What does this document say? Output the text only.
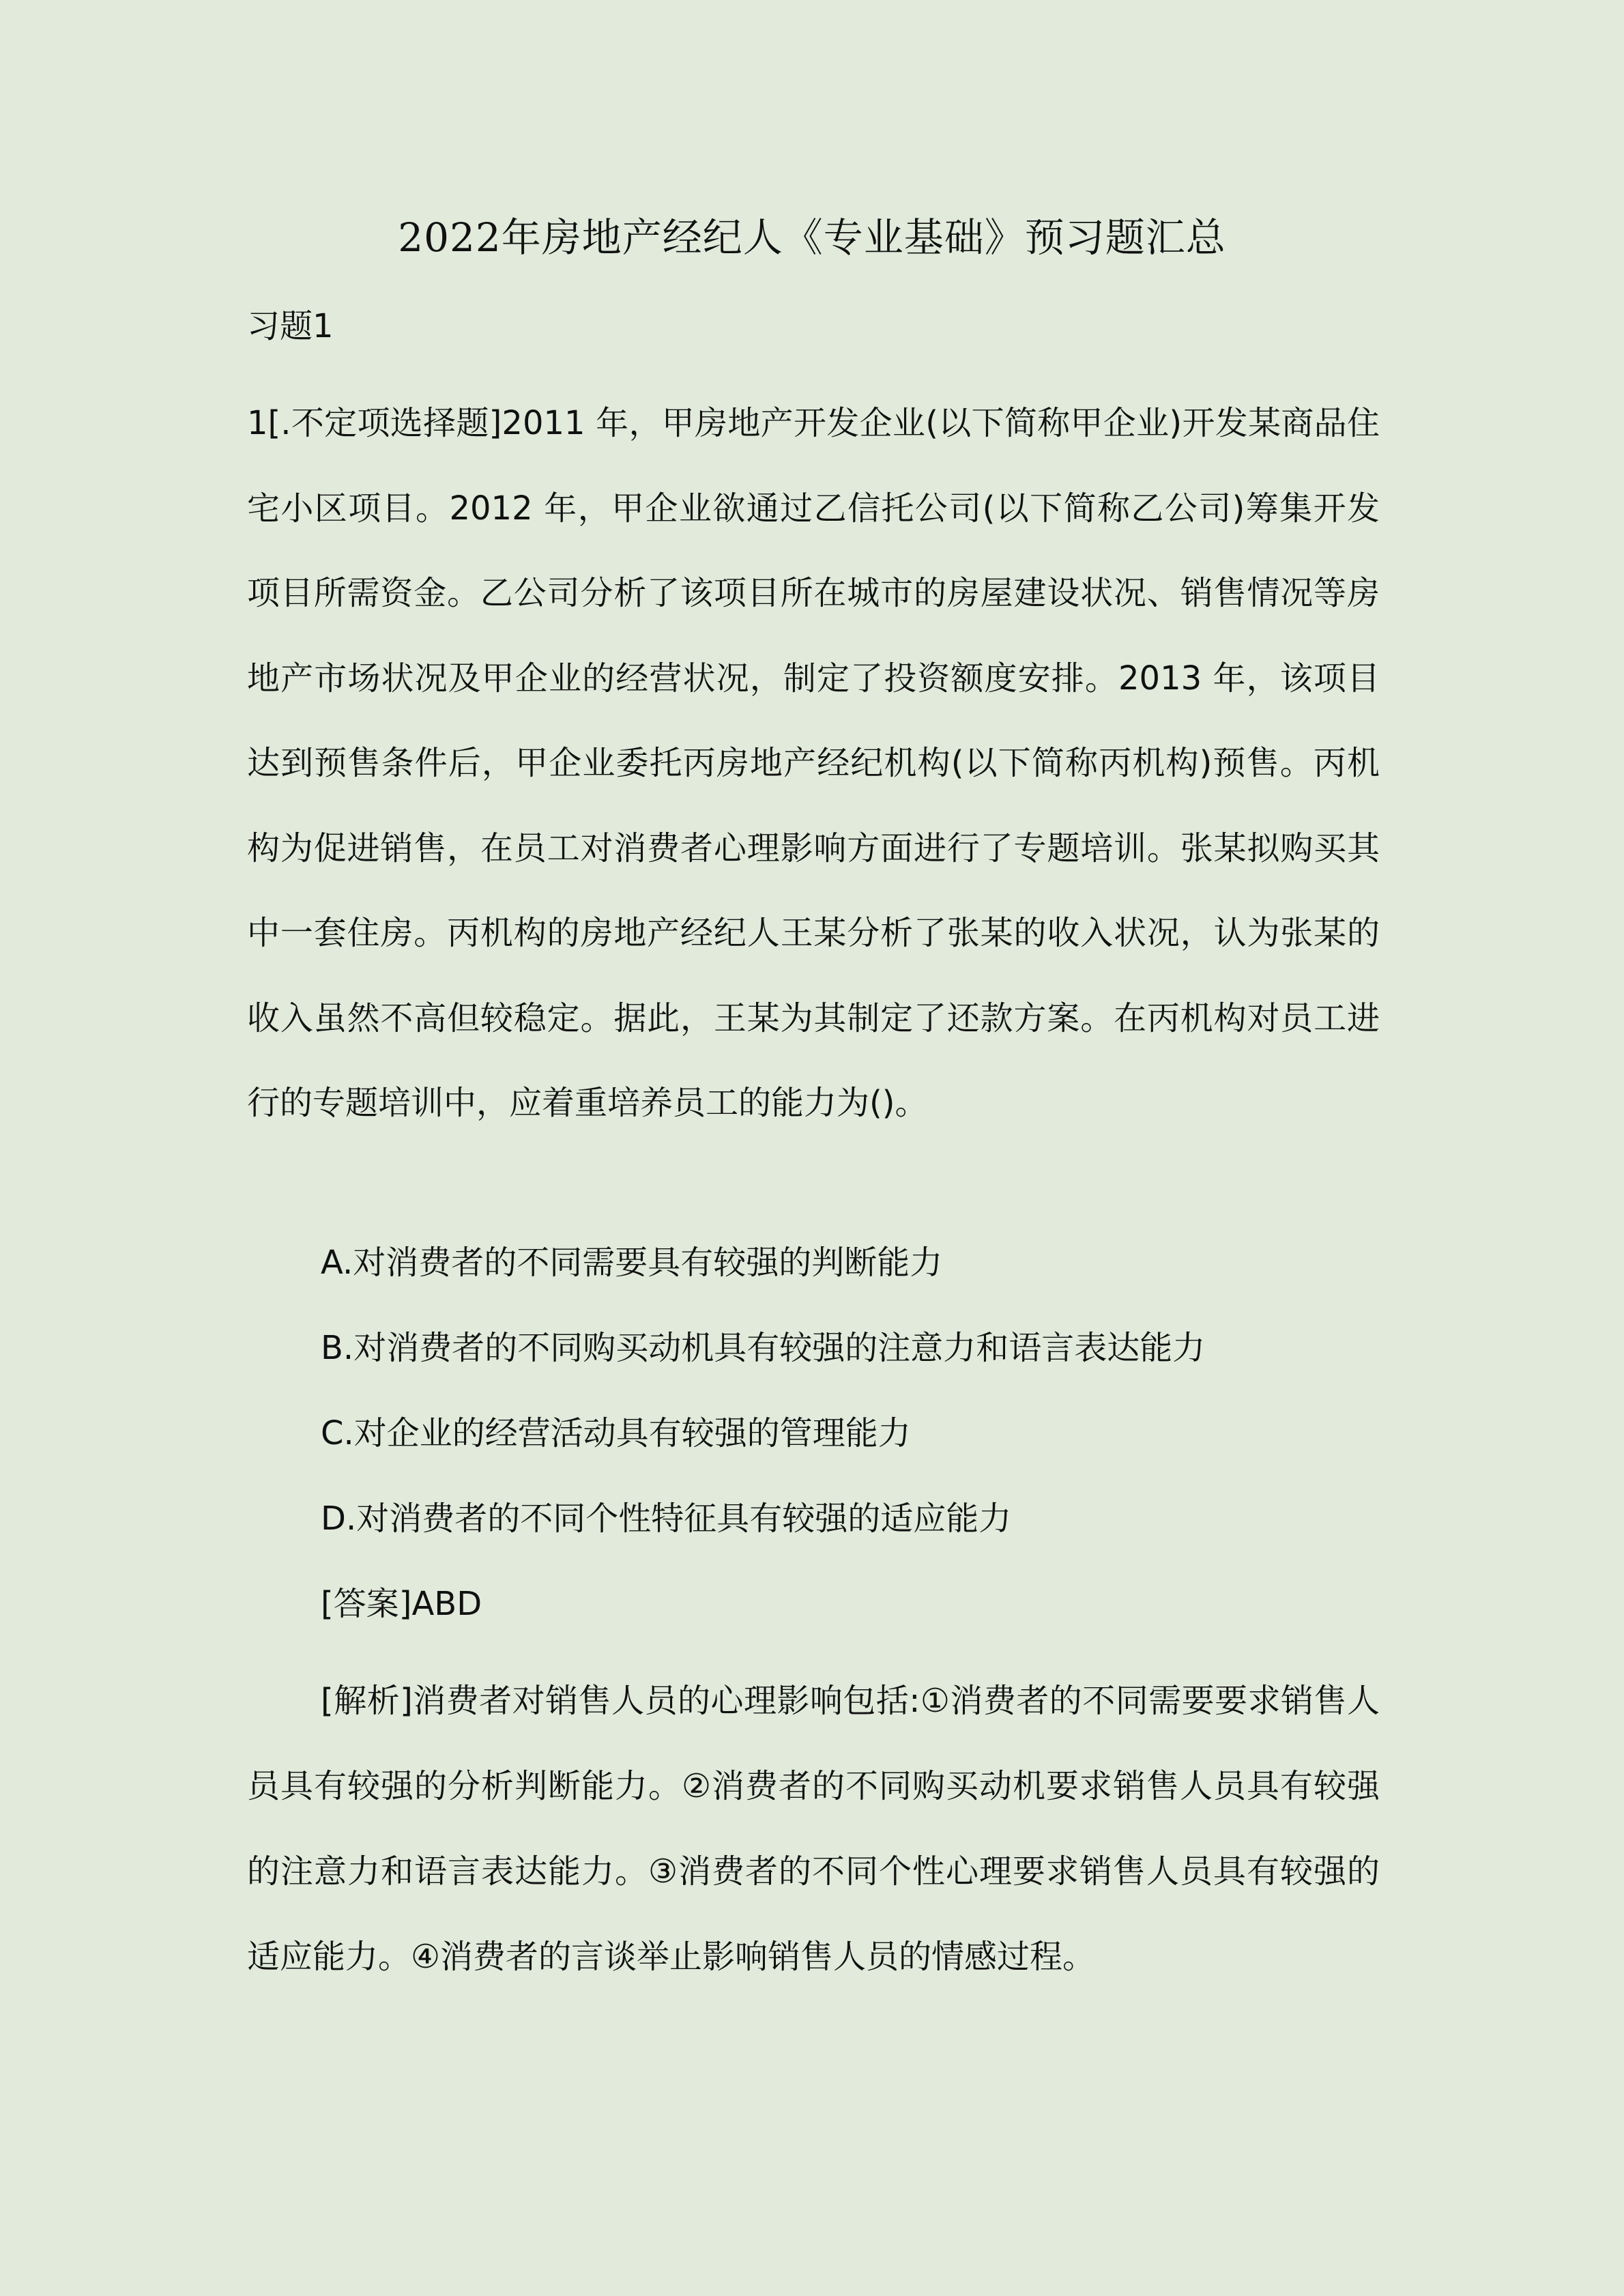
2022年房地产经纪人《专业基础》预习题汇总
习题1
1[.不定项选择题]2011 年，甲房地产开发企业(以下简称甲企业)开发某商品住宅小区项目。2012 年，甲企业欲通过乙信托公司(以下简称乙公司)筹集开发项目所需资金。乙公司分析了该项目所在城市的房屋建设状况、销售情况等房地产市场状况及甲企业的经营状况，制定了投资额度安排。2013 年，该项目达到预售条件后，甲企业委托丙房地产经纪机构(以下简称丙机构)预售。丙机构为促进销售，在员工对消费者心理影响方面进行了专题培训。张某拟购买其中一套住房。丙机构的房地产经纪人王某分析了张某的收入状况，认为张某的收入虽然不高但较稳定。据此，王某为其制定了还款方案。在丙机构对员工进行的专题培训中，应着重培养员工的能力为()。
A.对消费者的不同需要具有较强的判断能力
B.对消费者的不同购买动机具有较强的注意力和语言表达能力
C.对企业的经营活动具有较强的管理能力
D.对消费者的不同个性特征具有较强的适应能力
[答案]ABD
[解析]消费者对销售人员的心理影响包括:①消费者的不同需要要求销售人员具有较强的分析判断能力。②消费者的不同购买动机要求销售人员具有较强的注意力和语言表达能力。③消费者的不同个性心理要求销售人员具有较强的适应能力。④消费者的言谈举止影响销售人员的情感过程。
